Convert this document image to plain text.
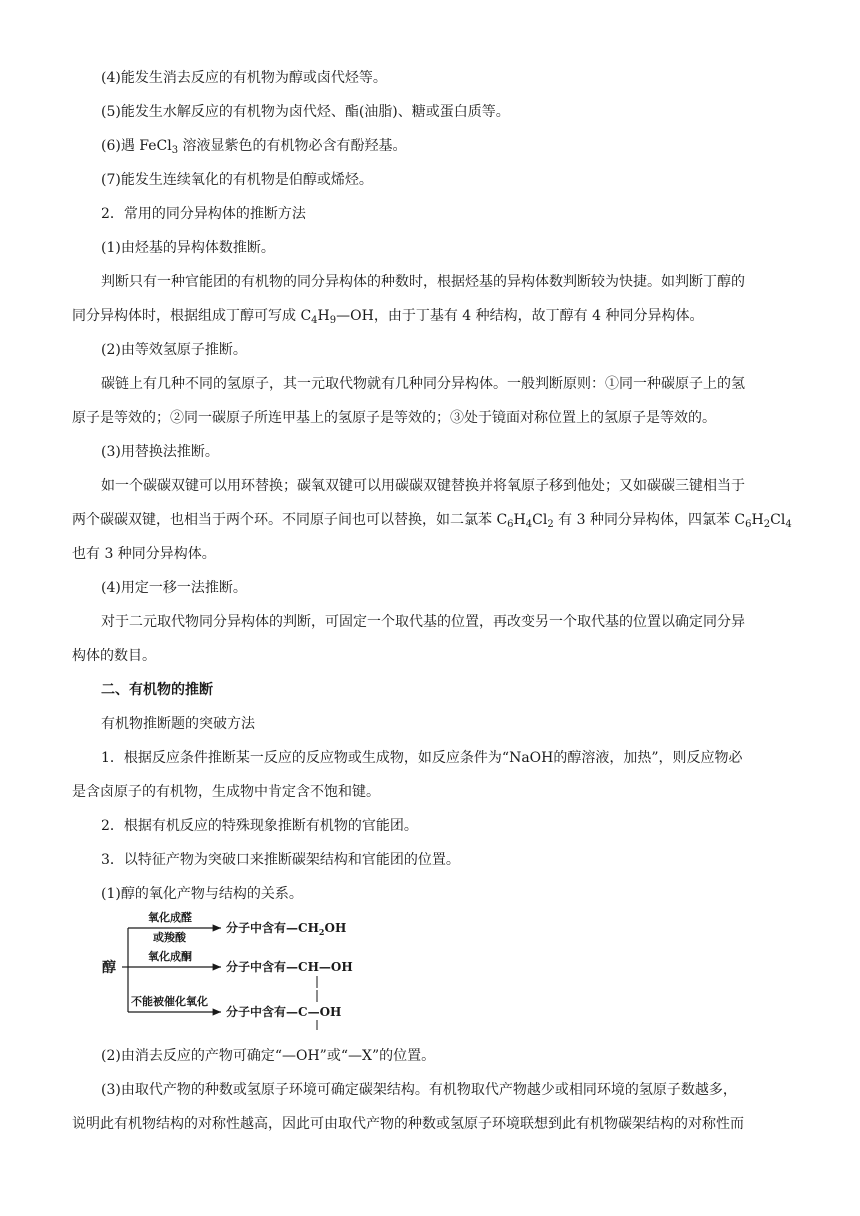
(4)能发生消去反应的有机物为醇或卤代烃等。
(5)能发生水解反应的有机物为卤代烃、酯(油脂)、糖或蛋白质等。
(6)遇 FeCl$_3$ 溶液显紫色的有机物必含有酚羟基。
(7)能发生连续氧化的有机物是伯醇或烯烃。
2．常用的同分异构体的推断方法
(1)由烃基的异构体数推断。
判断只有一种官能团的有机物的同分异构体的种数时，根据烃基的异构体数判断较为快捷。如判断丁醇的
同分异构体时，根据组成丁醇可写成 $C_4H_9—OH$，由于丁基有 4 种结构，故丁醇有 4 种同分异构体。
(2)由等效氢原子推断。
碳链上有几种不同的氢原子，其一元取代物就有几种同分异构体。一般判断原则：①同一种碳原子上的氢
原子是等效的；②同一碳原子所连甲基上的氢原子是等效的；③处于镜面对称位置上的氢原子是等效的。
(3)用替换法推断。
如一个碳碳双键可以用环替换；碳氧双键可以用碳碳双键替换并将氧原子移到他处；又如碳碳三键相当于
两个碳碳双键，也相当于两个环。不同原子间也可以替换，如二氯苯 $C_6H_4Cl_2$ 有 3 种同分异构体，四氯苯 $C_6H_2Cl_4$
也有 3 种同分异构体。
(4)用定一移一法推断。
对于二元取代物同分异构体的判断，可固定一个取代基的位置，再改变另一个取代基的位置以确定同分异
构体的数目。
二、有机物的推断
有机物推断题的突破方法
1．根据反应条件推断某一反应的反应物或生成物，如反应条件为“NaOH的醇溶液，加热”，则反应物必
是含卤原子的有机物，生成物中肯定含不饱和键。
2．根据有机反应的特殊现象推断有机物的官能团。
3．以特征产物为突破口来推断碳架结构和官能团的位置。
(1)醇的氧化产物与结构的关系。
醇
氧化成醛
或羧酸
氧化成酮
不能被催化氧化
分子中含有$—CH_2OH$
分子中含有—CH—OH
分子中含有—C—OH
(2)由消去反应的产物可确定“—OH”或“—X”的位置。
(3)由取代产物的种数或氢原子环境可确定碳架结构。有机物取代产物越少或相同环境的氢原子数越多，
说明此有机物结构的对称性越高，因此可由取代产物的种数或氢原子环境联想到此有机物碳架结构的对称性而
